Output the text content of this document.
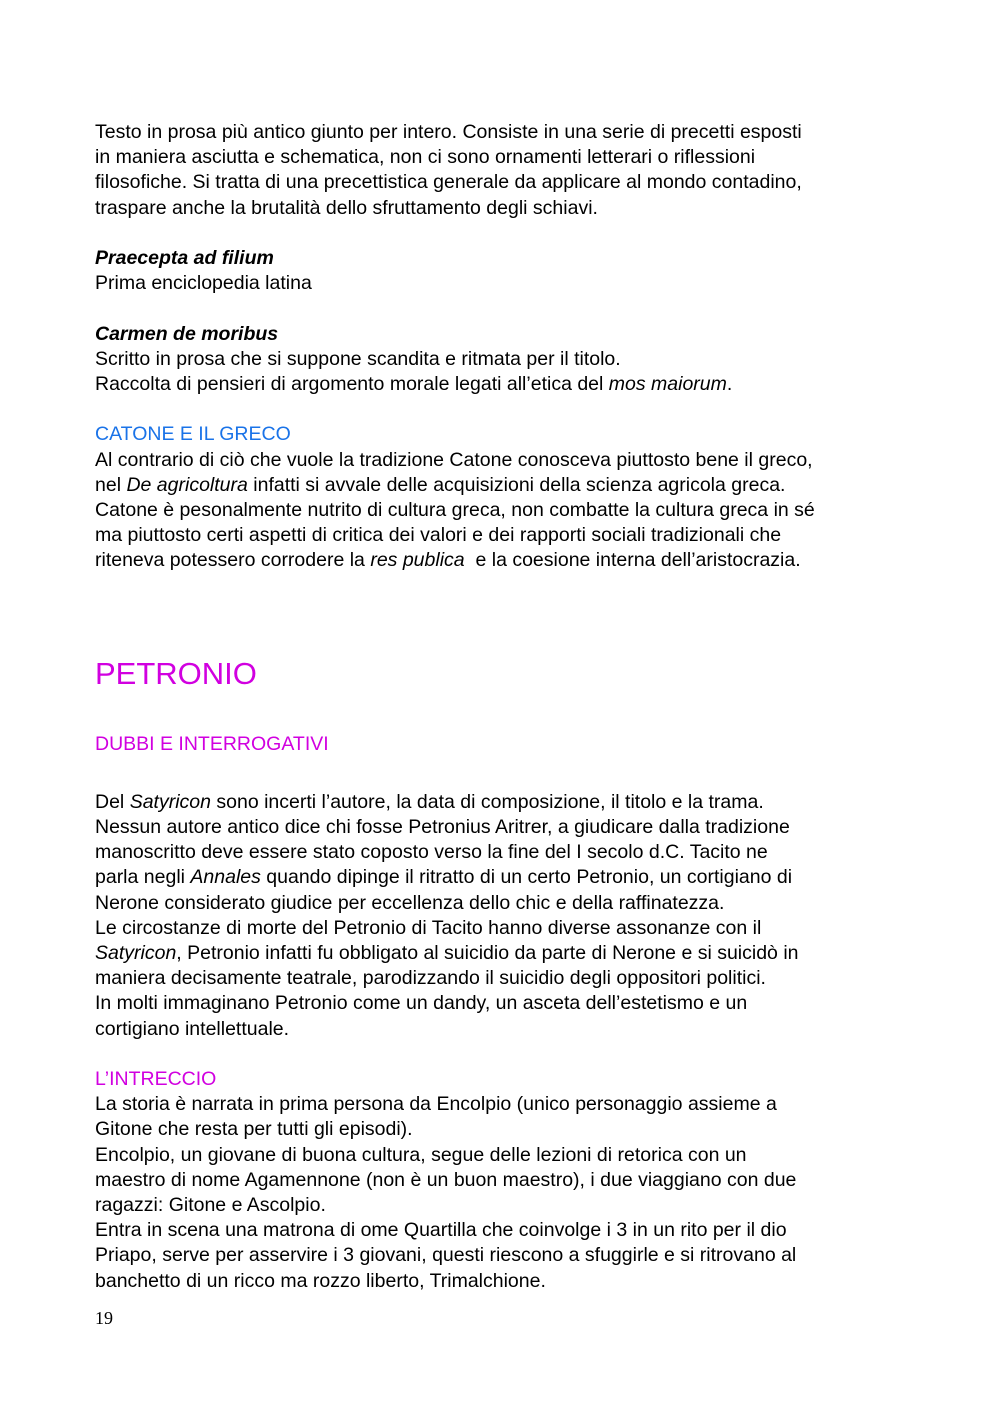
Testo in prosa più antico giunto per intero. Consiste in una serie di precetti esposti

in maniera asciutta e schematica, non ci sono ornamenti letterari o riflessioni

filosofiche. Si tratta di una precettistica generale da applicare al mondo contadino,

traspare anche la brutalità dello sfruttamento degli schiavi.

Praecepta ad filium

Prima enciclopedia latina

Carmen de moribus

Scritto in prosa che si suppone scandita e ritmata per il titolo.

Raccolta di pensieri di argomento morale legati all’etica del mos maiorum.

CATONE E IL GRECO

Al contrario di ciò che vuole la tradizione Catone conosceva piuttosto bene il greco,

nel De agricoltura infatti si avvale delle acquisizioni della scienza agricola greca.

Catone è pesonalmente nutrito di cultura greca, non combatte la cultura greca in sé

ma piuttosto certi aspetti di critica dei valori e dei rapporti sociali tradizionali che

riteneva potessero corrodere la res publica  e la coesione interna dell’aristocrazia.

PETRONIO

DUBBI E INTERROGATIVI

Del Satyricon sono incerti l’autore, la data di composizione, il titolo e la trama.

Nessun autore antico dice chi fosse Petronius Aritrer, a giudicare dalla tradizione

manoscritto deve essere stato coposto verso la fine del I secolo d.C. Tacito ne

parla negli Annales quando dipinge il ritratto di un certo Petronio, un cortigiano di

Nerone considerato giudice per eccellenza dello chic e della raffinatezza.

Le circostanze di morte del Petronio di Tacito hanno diverse assonanze con il

Satyricon, Petronio infatti fu obbligato al suicidio da parte di Nerone e si suicidò in

maniera decisamente teatrale, parodizzando il suicidio degli oppositori politici.

In molti immaginano Petronio come un dandy, un asceta dell’estetismo e un

cortigiano intellettuale.

L’INTRECCIO

La storia è narrata in prima persona da Encolpio (unico personaggio assieme a

Gitone che resta per tutti gli episodi).

Encolpio, un giovane di buona cultura, segue delle lezioni di retorica con un

maestro di nome Agamennone (non è un buon maestro), i due viaggiano con due

ragazzi: Gitone e Ascolpio.

Entra in scena una matrona di ome Quartilla che coinvolge i 3 in un rito per il dio

Priapo, serve per asservire i 3 giovani, questi riescono a sfuggirle e si ritrovano al

banchetto di un ricco ma rozzo liberto, Trimalchione.

19
